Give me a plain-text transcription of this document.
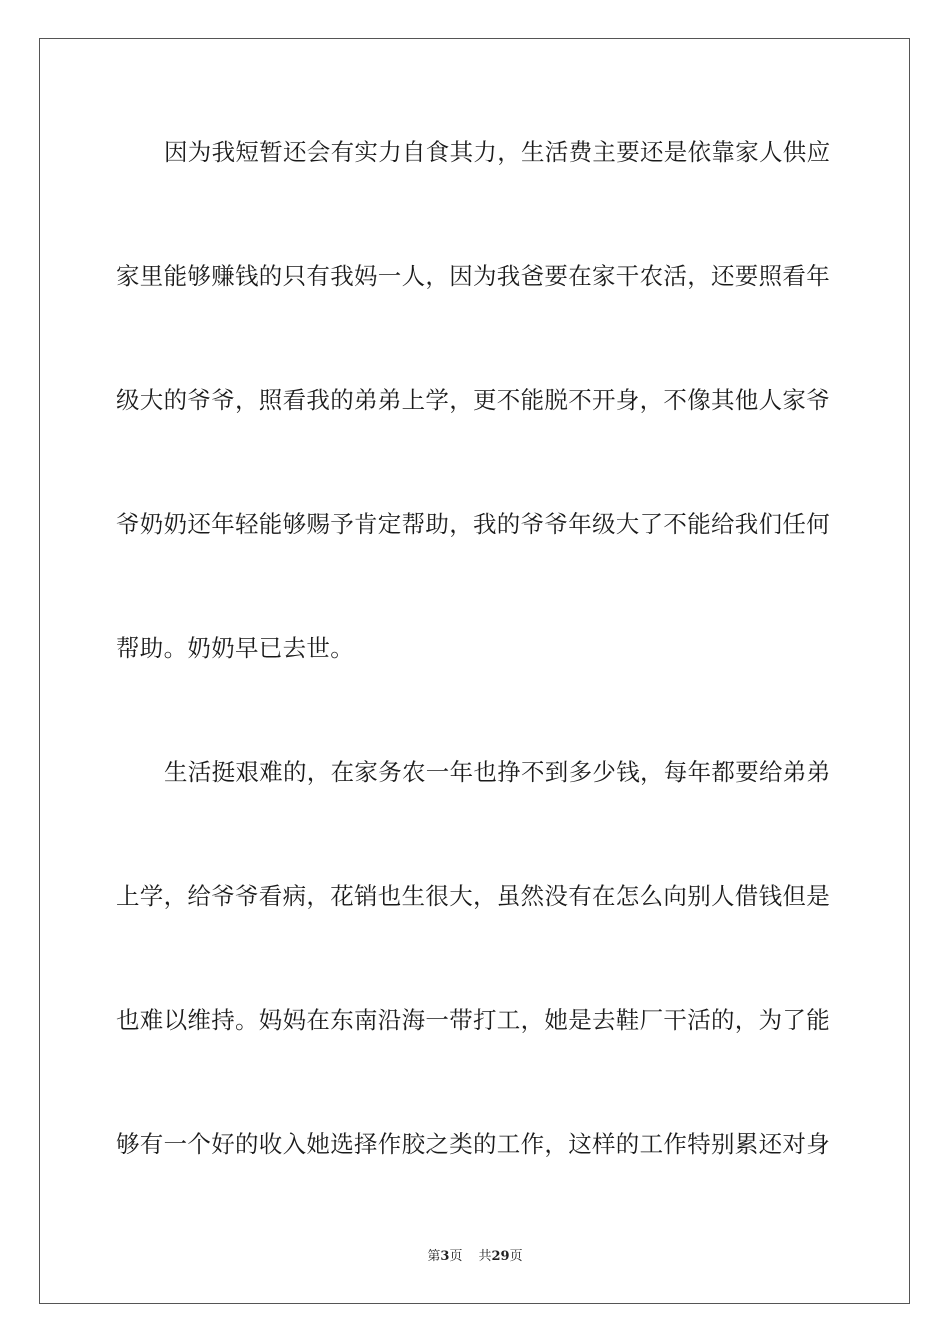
因为我短暂还会有实力自食其力，生活费主要还是依靠家人供应
家里能够赚钱的只有我妈一人，因为我爸要在家干农活，还要照看年
级大的爷爷，照看我的弟弟上学，更不能脱不开身，不像其他人家爷
爷奶奶还年轻能够赐予肯定帮助，我的爷爷年级大了不能给我们任何
帮助。奶奶早已去世。
生活挺艰难的，在家务农一年也挣不到多少钱，每年都要给弟弟
上学，给爷爷看病，花销也生很大，虽然没有在怎么向别人借钱但是
也难以维持。妈妈在东南沿海一带打工，她是去鞋厂干活的，为了能
够有一个好的收入她选择作胶之类的工作，这样的工作特别累还对身
第3页 共29页
